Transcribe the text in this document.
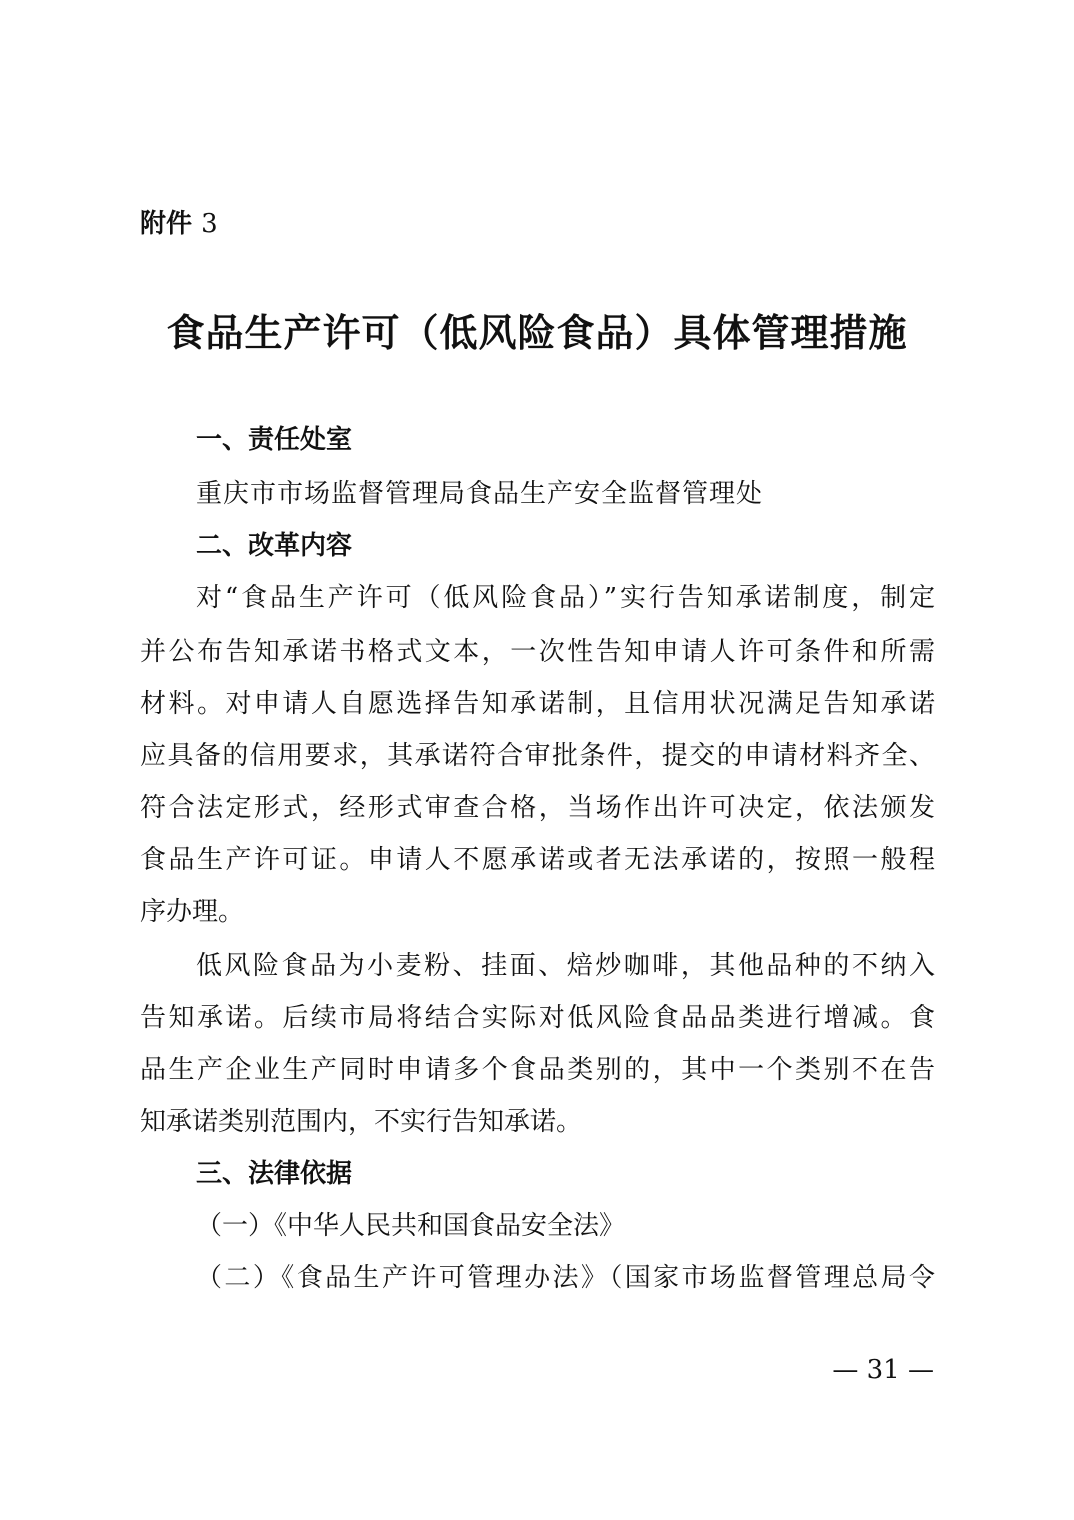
附件 3
食品生产许可（低风险食品）具体管理措施
一、责任处室
重庆市市场监督管理局食品生产安全监督管理处
二、改革内容
对“食品生产许可（低风险食品）”实行告知承诺制度，制定
并公布告知承诺书格式文本，一次性告知申请人许可条件和所需
材料。对申请人自愿选择告知承诺制，且信用状况满足告知承诺
应具备的信用要求，其承诺符合审批条件，提交的申请材料齐全、
符合法定形式，经形式审查合格，当场作出许可决定，依法颁发
食品生产许可证。申请人不愿承诺或者无法承诺的，按照一般程
序办理。
低风险食品为小麦粉、挂面、焙炒咖啡，其他品种的不纳入
告知承诺。后续市局将结合实际对低风险食品品类进行增减。食
品生产企业生产同时申请多个食品类别的，其中一个类别不在告
知承诺类别范围内，不实行告知承诺。
三、法律依据
（一）《中华人民共和国食品安全法》
（二）《食品生产许可管理办法》（国家市场监督管理总局令
— 31 —
